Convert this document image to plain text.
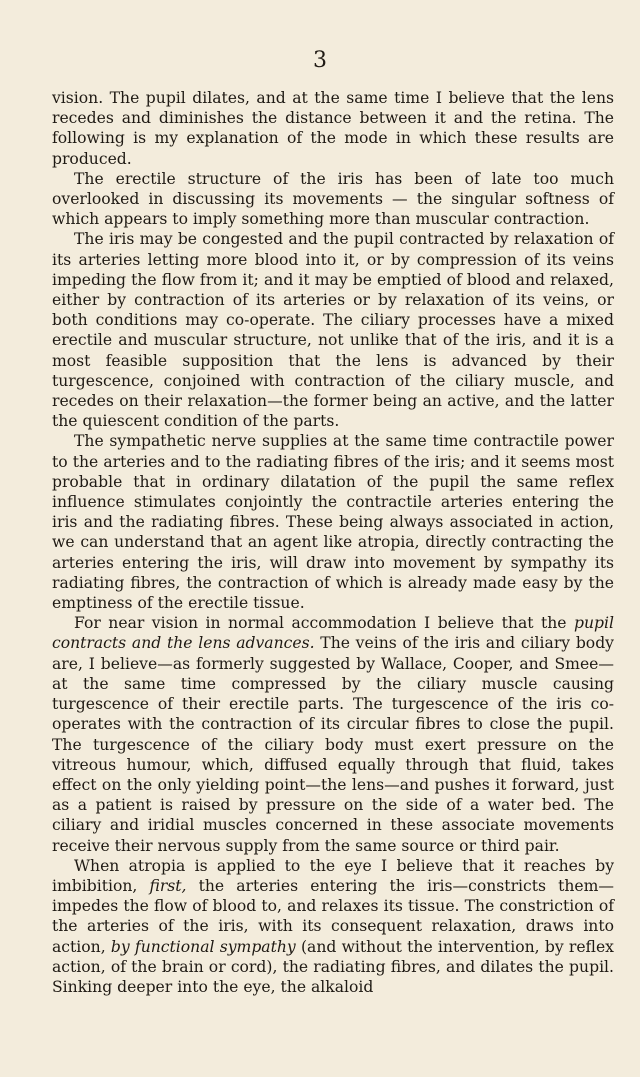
3

vision. The pupil dilates, and at the same time I believe that the lens recedes and diminishes the distance between it and the retina. The following is my explanation of the mode in which these results are produced.

The erectile structure of the iris has been of late too much overlooked in discussing its movements — the singular softness of which appears to imply something more than muscular contraction.

The iris may be congested and the pupil contracted by relaxation of its arteries letting more blood into it, or by compression of its veins impeding the flow from it; and it may be emptied of blood and relaxed, either by contraction of its arteries or by relaxation of its veins, or both conditions may co-operate. The ciliary processes have a mixed erectile and muscular structure, not unlike that of the iris, and it is a most feasible supposition that the lens is advanced by their turgescence, conjoined with contraction of the ciliary muscle, and recedes on their relaxation—the former being an active, and the latter the quiescent condition of the parts.

The sympathetic nerve supplies at the same time contractile power to the arteries and to the radiating fibres of the iris; and it seems most probable that in ordinary dilatation of the pupil the same reflex influence stimulates conjointly the contractile arteries entering the iris and the radiating fibres. These being always associated in action, we can understand that an agent like atropia, directly contracting the arteries entering the iris, will draw into movement by sympathy its radiating fibres, the contraction of which is already made easy by the emptiness of the erectile tissue.

For near vision in normal accommodation I believe that the pupil contracts and the lens advances. The veins of the iris and ciliary body are, I believe—as formerly suggested by Wallace, Cooper, and Smee—at the same time compressed by the ciliary muscle causing turgescence of their erectile parts. The turgescence of the iris co-operates with the contraction of its circular fibres to close the pupil. The turgescence of the ciliary body must exert pressure on the vitreous humour, which, diffused equally through that fluid, takes effect on the only yielding point—the lens—and pushes it forward, just as a patient is raised by pressure on the side of a water bed. The ciliary and iridial muscles concerned in these associate movements receive their nervous supply from the same source or third pair.

When atropia is applied to the eye I believe that it reaches by imbibition, first, the arteries entering the iris—constricts them—impedes the flow of blood to, and relaxes its tissue. The constriction of the arteries of the iris, with its consequent relaxation, draws into action, by functional sympathy (and without the intervention, by reflex action, of the brain or cord), the radiating fibres, and dilates the pupil. Sinking deeper into the eye, the alkaloid
